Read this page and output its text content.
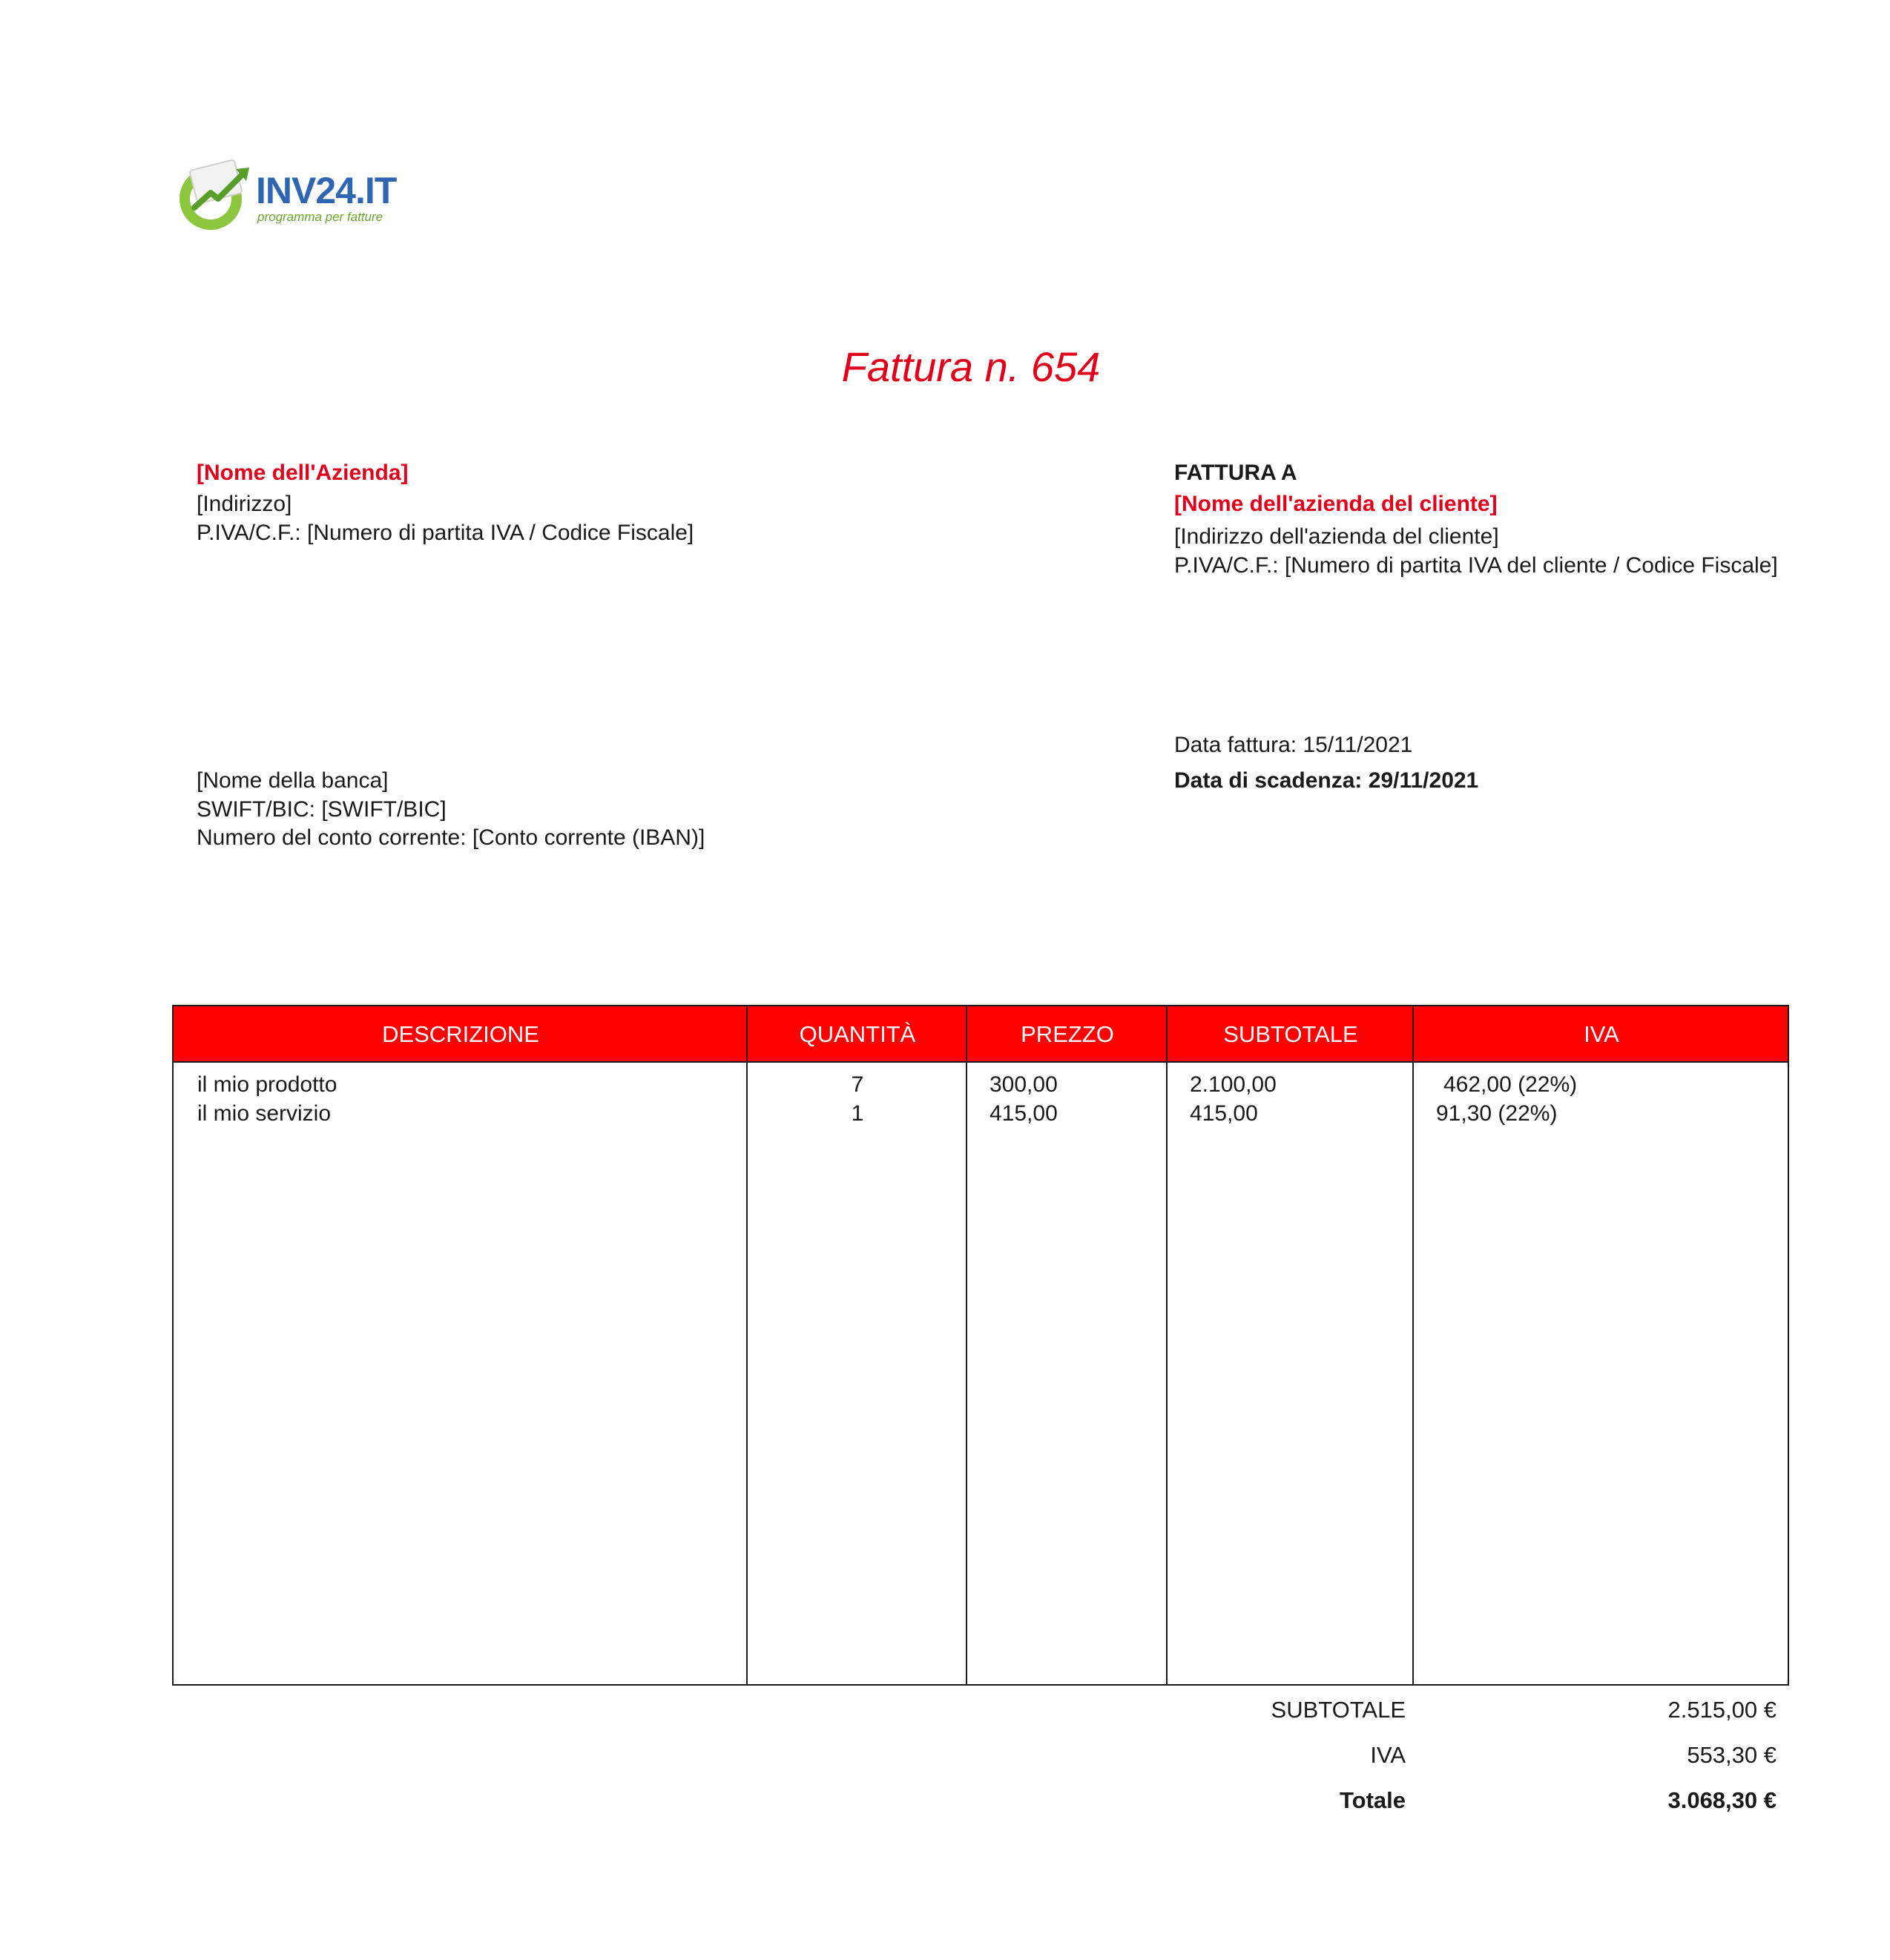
INV24.IT
programma per fatture
Fattura n. 654
[Nome dell'Azienda]
[Indirizzo]
P.IVA/C.F.: [Numero di partita IVA / Codice Fiscale]
FATTURA A
[Nome dell'azienda del cliente]
[Indirizzo dell'azienda del cliente]
P.IVA/C.F.: [Numero di partita IVA del cliente / Codice Fiscale]
Data fattura: 15/11/2021
Data di scadenza: 29/11/2021
[Nome della banca]
SWIFT/BIC: [SWIFT/BIC]
Numero del conto corrente: [Conto corrente (IBAN)]
DESCRIZIONE	QUANTITÀ	PREZZO	SUBTOTALE	IVA
il mio prodotto	7	300,00	2.100,00	462,00 (22%)
il mio servizio	1	415,00	415,00	91,30 (22%)
SUBTOTALE	2.515,00 €
IVA	553,30 €
Totale	3.068,30 €
